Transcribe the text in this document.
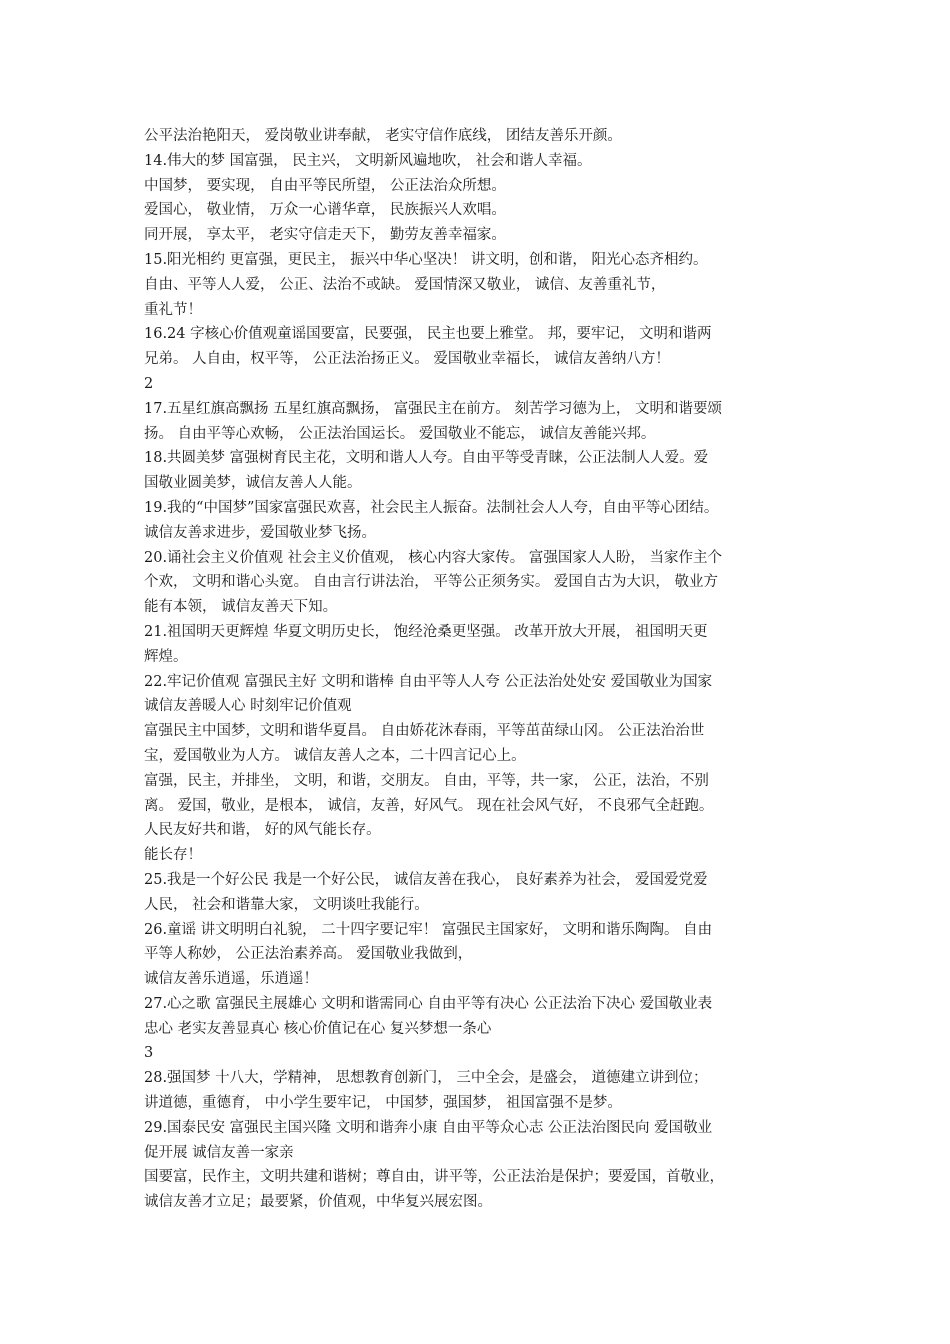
公平法治艳阳天， 爱岗敬业讲奉献， 老实守信作底线， 团结友善乐开颜。
14.伟大的梦 国富强， 民主兴， 文明新风遍地吹， 社会和谐人幸福。
中国梦， 要实现， 自由平等民所望， 公正法治众所想。
爱国心， 敬业情， 万众一心谱华章， 民族振兴人欢唱。
同开展， 享太平， 老实守信走天下， 勤劳友善幸福家。
15.阳光相约 更富强，更民主， 振兴中华心坚决！ 讲文明，创和谐， 阳光心态齐相约。
自由、平等人人爱， 公正、法治不或缺。 爱国情深又敬业， 诚信、友善重礼节，
重礼节！
16.24 字核心价值观童谣国要富，民要强， 民主也要上雅堂。 邦，要牢记， 文明和谐两
兄弟。 人自由，权平等， 公正法治扬正义。 爱国敬业幸福长， 诚信友善纳八方！
2
17.五星红旗高飘扬 五星红旗高飘扬， 富强民主在前方。 刻苦学习德为上， 文明和谐要颂
扬。 自由平等心欢畅， 公正法治国运长。 爱国敬业不能忘， 诚信友善能兴邦。
18.共圆美梦 富强树育民主花，文明和谐人人夸。自由平等受青睐，公正法制人人爱。爱
国敬业圆美梦，诚信友善人人能。
19.我的“中国梦”国家富强民欢喜，社会民主人振奋。法制社会人人夸，自由平等心团结。
诚信友善求进步，爱国敬业梦飞扬。
20.诵社会主义价值观 社会主义价值观， 核心内容大家传。 富强国家人人盼， 当家作主个
个欢， 文明和谐心头宽。 自由言行讲法治， 平等公正须务实。 爱国自古为大识， 敬业方
能有本领， 诚信友善天下知。
21.祖国明天更辉煌 华夏文明历史长， 饱经沧桑更坚强。 改革开放大开展， 祖国明天更
辉煌。
22.牢记价值观 富强民主好 文明和谐棒 自由平等人人夸 公正法治处处安 爱国敬业为国家
诚信友善暖人心 时刻牢记价值观
富强民主中国梦，文明和谐华夏昌。 自由娇花沐春雨，平等茁苗绿山冈。 公正法治治世
宝，爱国敬业为人方。 诚信友善人之本，二十四言记心上。
富强，民主，并排坐， 文明，和谐，交朋友。 自由，平等，共一家， 公正，法治，不别
离。 爱国，敬业，是根本， 诚信，友善，好风气。 现在社会风气好， 不良邪气全赶跑。
人民友好共和谐， 好的风气能长存。
能长存！
25.我是一个好公民 我是一个好公民， 诚信友善在我心， 良好素养为社会， 爱国爱党爱
人民， 社会和谐靠大家， 文明谈吐我能行。
26.童谣 讲文明明白礼貌， 二十四字要记牢！ 富强民主国家好， 文明和谐乐陶陶。 自由
平等人称妙， 公正法治素养高。 爱国敬业我做到，
诚信友善乐逍遥，乐逍遥！
27.心之歌 富强民主展雄心 文明和谐需同心 自由平等有决心 公正法治下决心 爱国敬业表
忠心 老实友善显真心 核心价值记在心 复兴梦想一条心
3
28.强国梦 十八大，学精神， 思想教育创新门， 三中全会，是盛会， 道德建立讲到位；
讲道德，重德育， 中小学生要牢记， 中国梦，强国梦， 祖国富强不是梦。
29.国泰民安 富强民主国兴隆 文明和谐奔小康 自由平等众心志 公正法治图民向 爱国敬业
促开展 诚信友善一家亲
国要富，民作主，文明共建和谐树；尊自由，讲平等，公正法治是保护；要爱国，首敬业，
诚信友善才立足；最要紧，价值观，中华复兴展宏图。
